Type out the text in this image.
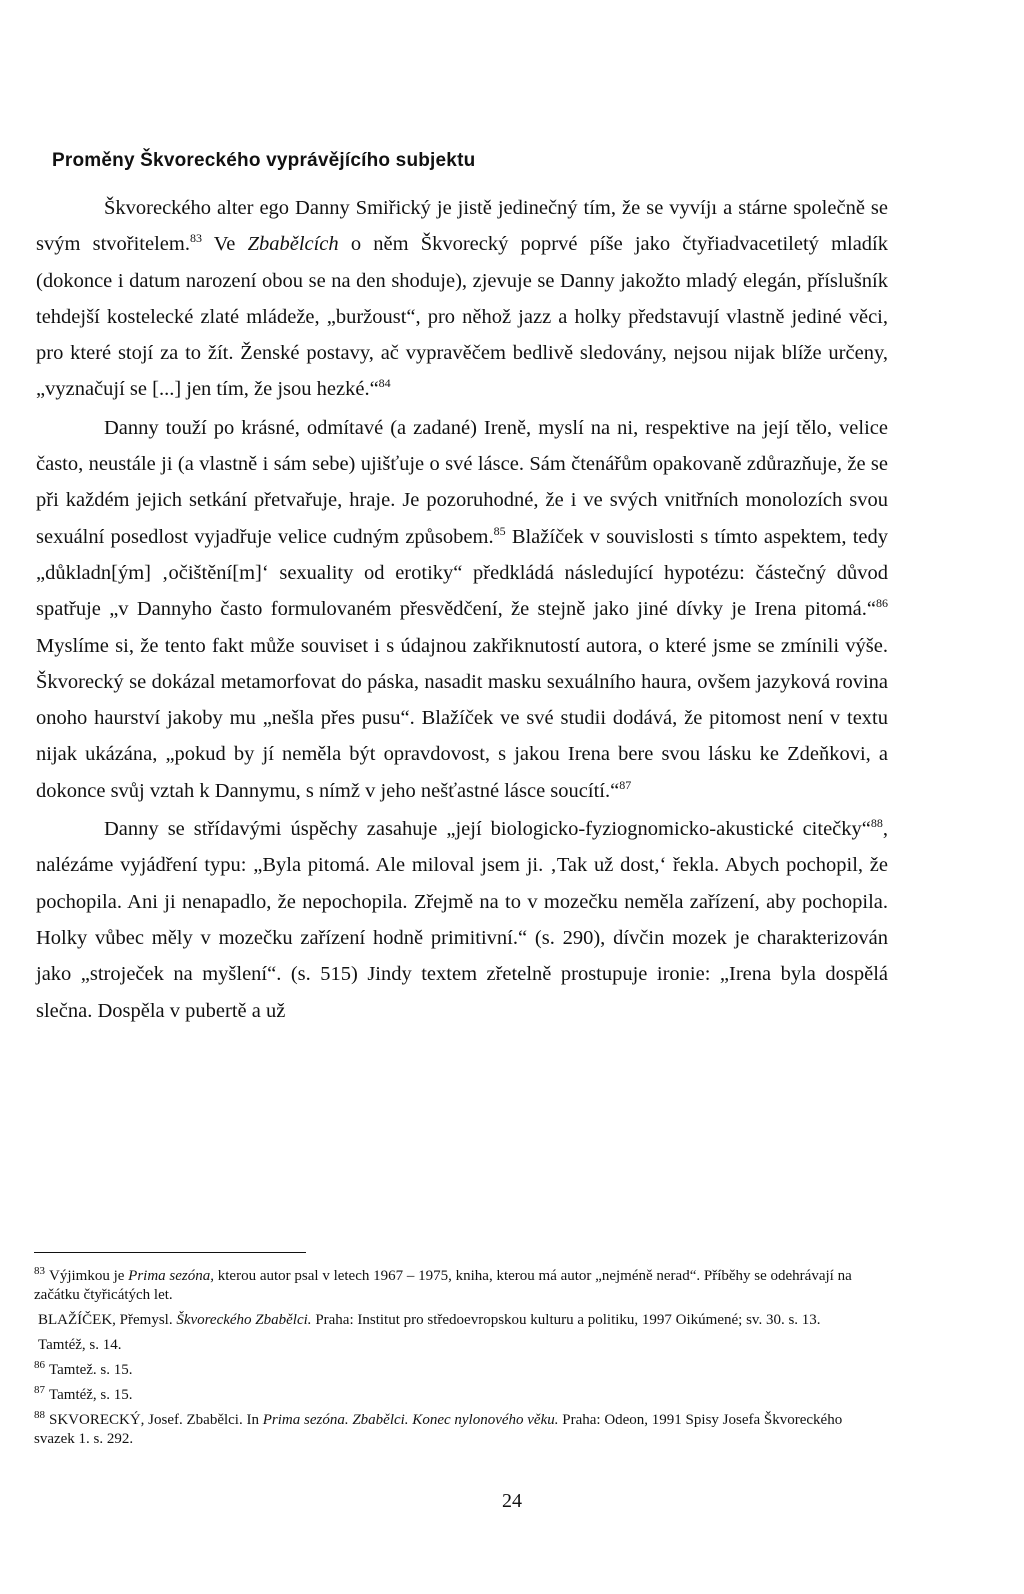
Proměny Škvoreckého vyprávějícího subjektu

Škvoreckého alter ego Danny Smiřický je jistě jedinečný tím, že se vyvíjı a stárne společně se svým stvořitelem.$^{83}$ Ve Zbabělcích o něm Škvorecký poprvé píše jako čtyřiadvacetiletý mladík (dokonce i datum narození obou se na den shoduje), zjevuje se Danny jakožto mladý elegán, příslušník tehdejší kostelecké zlaté mládeže, „buržoust“, pro něhož jazz a holky představují vlastně jediné věci, pro které stojí za to žít. Ženské postavy, ač vypravěčem bedlivě sledovány, nejsou nijak blíže určeny, „vyznačují se [...] jen tím, že jsou hezké.“$^{84}$

Danny touží po krásné, odmítavé (a zadané) Ireně, myslí na ni, respektive na její tělo, velice často, neustále ji (a vlastně i sám sebe) ujišťuje o své lásce. Sám čtenářům opakovaně zdůrazňuje, že se při každém jejich setkání přetvařuje, hraje. Je pozoruhodné, že i ve svých vnitřních monolozích svou sexuální posedlost vyjadřuje velice cudným způsobem.$^{85}$ Blažíček v souvislosti s tímto aspektem, tedy „důkladn[ým] ‚očištění[m]‘ sexuality od erotiky“ předkládá následující hypotézu: částečný důvod spatřuje „v Dannyho často formulovaném přesvědčení, že stejně jako jiné dívky je Irena pitomá.“$^{86}$ Myslíme si, že tento fakt může souviset i s údajnou zakřiknutostí autora, o které jsme se zmínili výše. Škvorecký se dokázal metamorfovat do páska, nasadit masku sexuálního haura, ovšem jazyková rovina onoho haurství jakoby mu „nešla přes pusu“. Blažíček ve své studii dodává, že pitomost není v textu nijak ukázána, „pokud by jí neměla být opravdovost, s jakou Irena bere svou lásku ke Zdeňkovi, a dokonce svůj vztah k Dannymu, s nímž v jeho nešťastné lásce soucítí.“$^{87}$

Danny se střídavými úspěchy zasahuje „její biologicko-fyziognomicko-akustické citečky“$^{88}$, nalézáme vyjádření typu: „Byla pitomá. Ale miloval jsem ji. ‚Tak už dost,‘ řekla. Abych pochopil, že pochopila. Ani ji nenapadlo, že nepochopila. Zřejmě na to v mozečku neměla zařízení, aby pochopila. Holky vůbec měly v mozečku zařízení hodně primitivní.“ (s. 290), dívčin mozek je charakterizován jako „stroječek na myšlení“. (s. 515) Jindy textem zřetelně prostupuje ironie: „Irena byla dospělá slečna. Dospěla v pubertě a už

$^{83}$ Výjimkou je Prima sezóna, kterou autor psal v letech 1967 – 1975, kniha, kterou má autor „nejméně nerad“. Příběhy se odehrávají na začátku čtyřicátých let.

BLAŽÍČEK, Přemysl. Škvoreckého Zbabělci. Praha: Institut pro středoevropskou kulturu a politiku, 1997 Oikúmené; sv. 30. s. 13.

Tamtéž, s. 14.

$^{86}$ Tamtež. s. 15.

$^{87}$ Tamtéž, s. 15.

$^{88}$ SKVORECKÝ, Josef. Zbabělci. In Prima sezóna. Zbabělci. Konec nylonového věku. Praha: Odeon, 1991 Spisy Josefa Škvoreckého svazek 1. s. 292.

24
